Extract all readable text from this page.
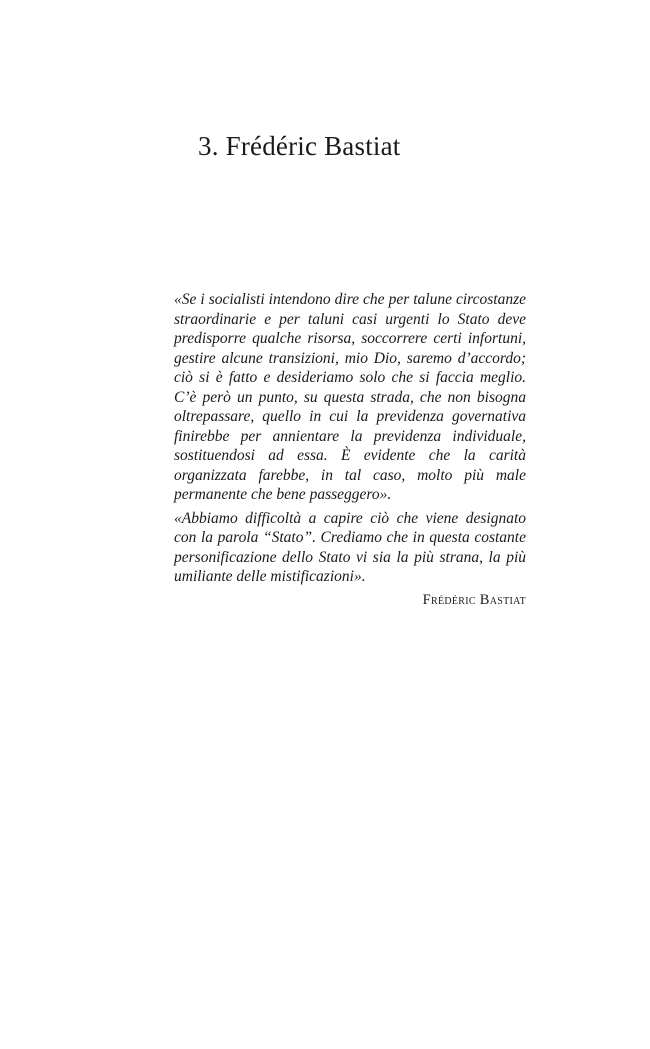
3. Frédéric Bastiat

«Se i socialisti intendono dire che per talune circostanze straordinarie e per taluni casi urgenti lo Stato deve predisporre qualche risorsa, soccorrere certi infortuni, gestire alcune transizioni, mio Dio, saremo d’accordo; ciò si è fatto e desideriamo solo che si faccia meglio. C’è però un punto, su questa strada, che non bisogna oltrepassare, quello in cui la previdenza governativa finirebbe per annientare la previdenza individuale, sostituendosi ad essa. È evidente che la carità organizzata farebbe, in tal caso, molto più male permanente che bene passeggero».

«Abbiamo difficoltà a capire ciò che viene designato con la parola “Stato”. Crediamo che in questa costante personificazione dello Stato vi sia la più strana, la più umiliante delle mistificazioni».

Frédéric Bastiat
